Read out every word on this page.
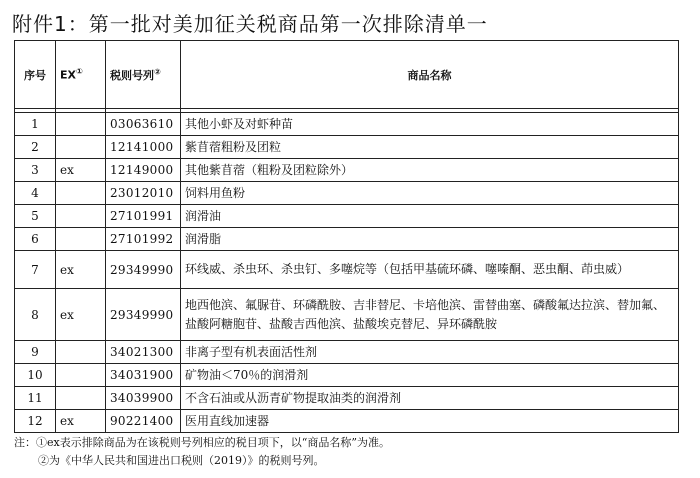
附件1：第一批对美加征关税商品第一次排除清单一
序号	EX①	税则号列②	商品名称

1		03063610	其他小虾及对虾种苗
2		12141000	紫苜蓿粗粉及团粒
3	ex	12149000	其他紫苜蓿（粗粉及团粒除外）
4		23012010	饲料用鱼粉
5		27101991	润滑油
6		27101992	润滑脂
7	ex	29349990	环线威、杀虫环、杀虫钉、多噻烷等（包括甲基硫环磷、噻嗪酮、恶虫酮、茚虫威）
8	ex	29349990	地西他滨、氟脲苷、环磷酰胺、吉非替尼、卡培他滨、雷替曲塞、磷酸氟达拉滨、替加氟、盐酸阿糖胞苷、盐酸吉西他滨、盐酸埃克替尼、异环磷酰胺
9		34021300	非离子型有机表面活性剂
10		34031900	矿物油＜70％的润滑剂
11		34039900	不含石油或从沥青矿物提取油类的润滑剂
12	ex	90221400	医用直线加速器
注：①ex表示排除商品为在该税则号列相应的税目项下，以“商品名称”为准。
②为《中华人民共和国进出口税则（2019）》的税则号列。
